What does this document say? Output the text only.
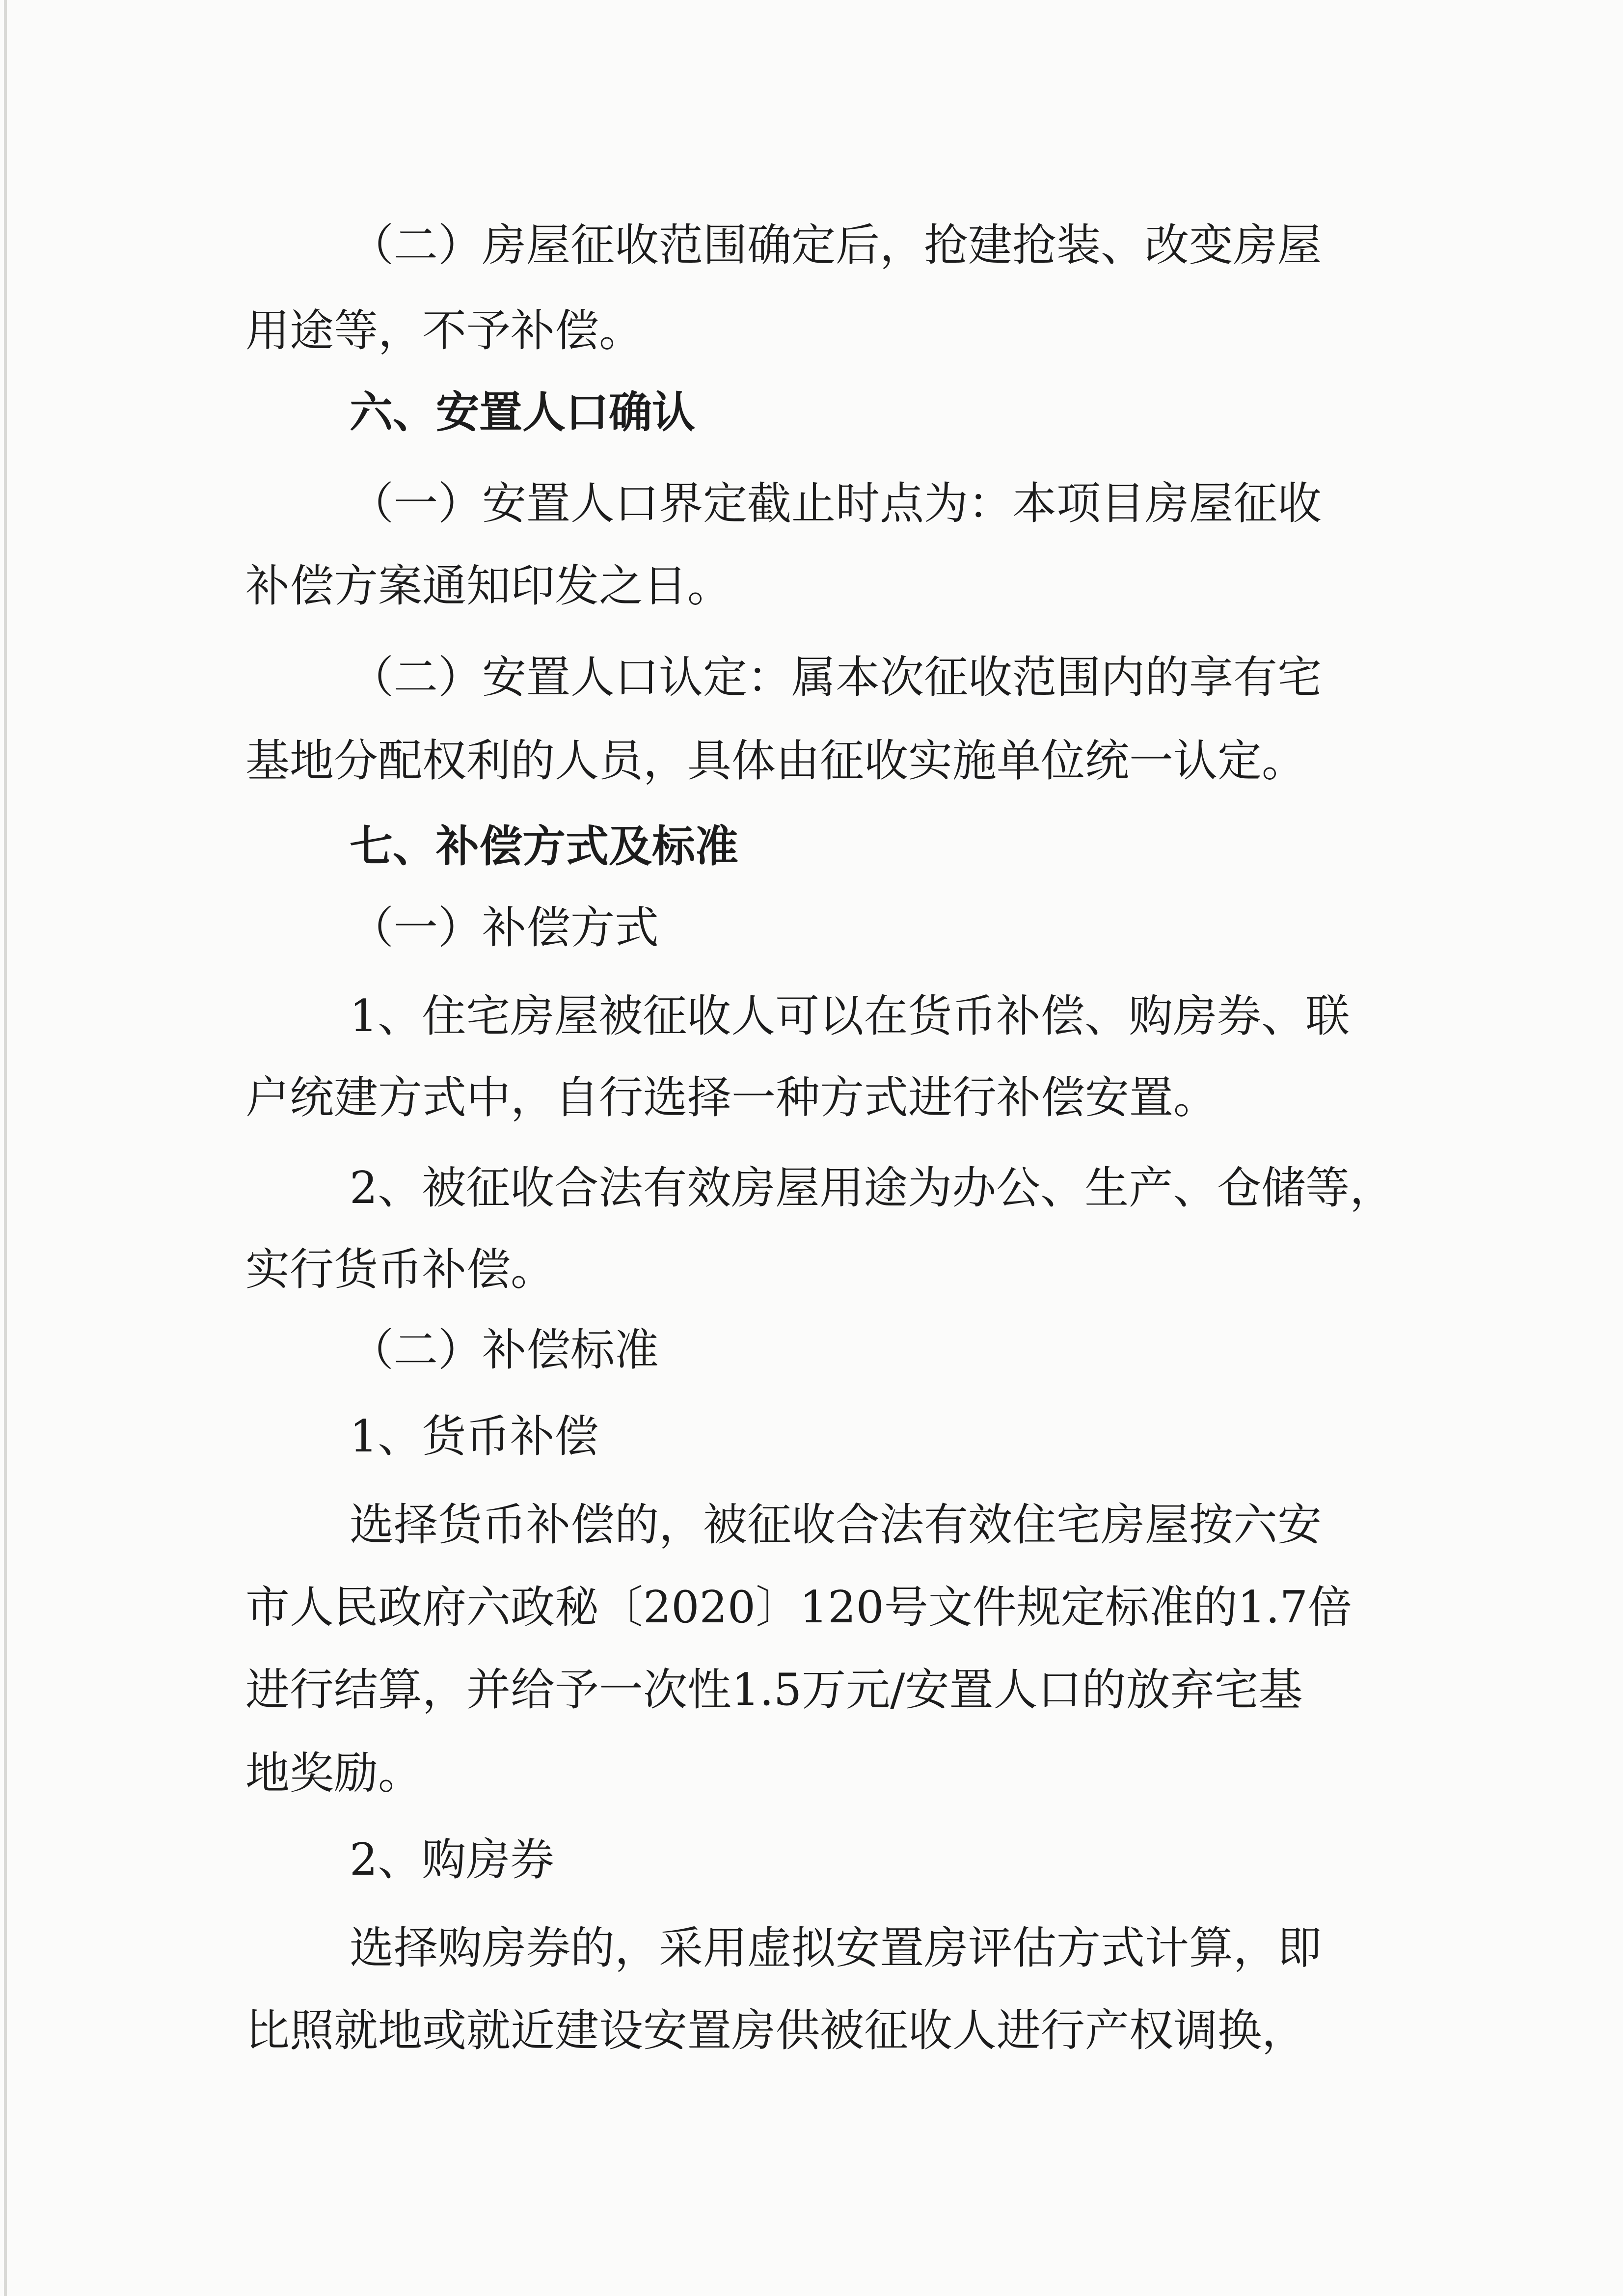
（二）房屋征收范围确定后，抢建抢装、改变房屋
用途等，不予补偿。
六、安置人口确认
（一）安置人口界定截止时点为：本项目房屋征收
补偿方案通知印发之日。
（二）安置人口认定：属本次征收范围内的享有宅
基地分配权利的人员，具体由征收实施单位统一认定。
七、补偿方式及标准
（一）补偿方式
1、住宅房屋被征收人可以在货币补偿、购房券、联
户统建方式中，自行选择一种方式进行补偿安置。
2、被征收合法有效房屋用途为办公、生产、仓储等，
实行货币补偿。
（二）补偿标准
1、货币补偿
选择货币补偿的，被征收合法有效住宅房屋按六安
市人民政府六政秘〔2020〕120号文件规定标准的1.7倍
进行结算，并给予一次性1.5万元/安置人口的放弃宅基
地奖励。
2、购房券
选择购房券的，采用虚拟安置房评估方式计算，即
比照就地或就近建设安置房供被征收人进行产权调换，
